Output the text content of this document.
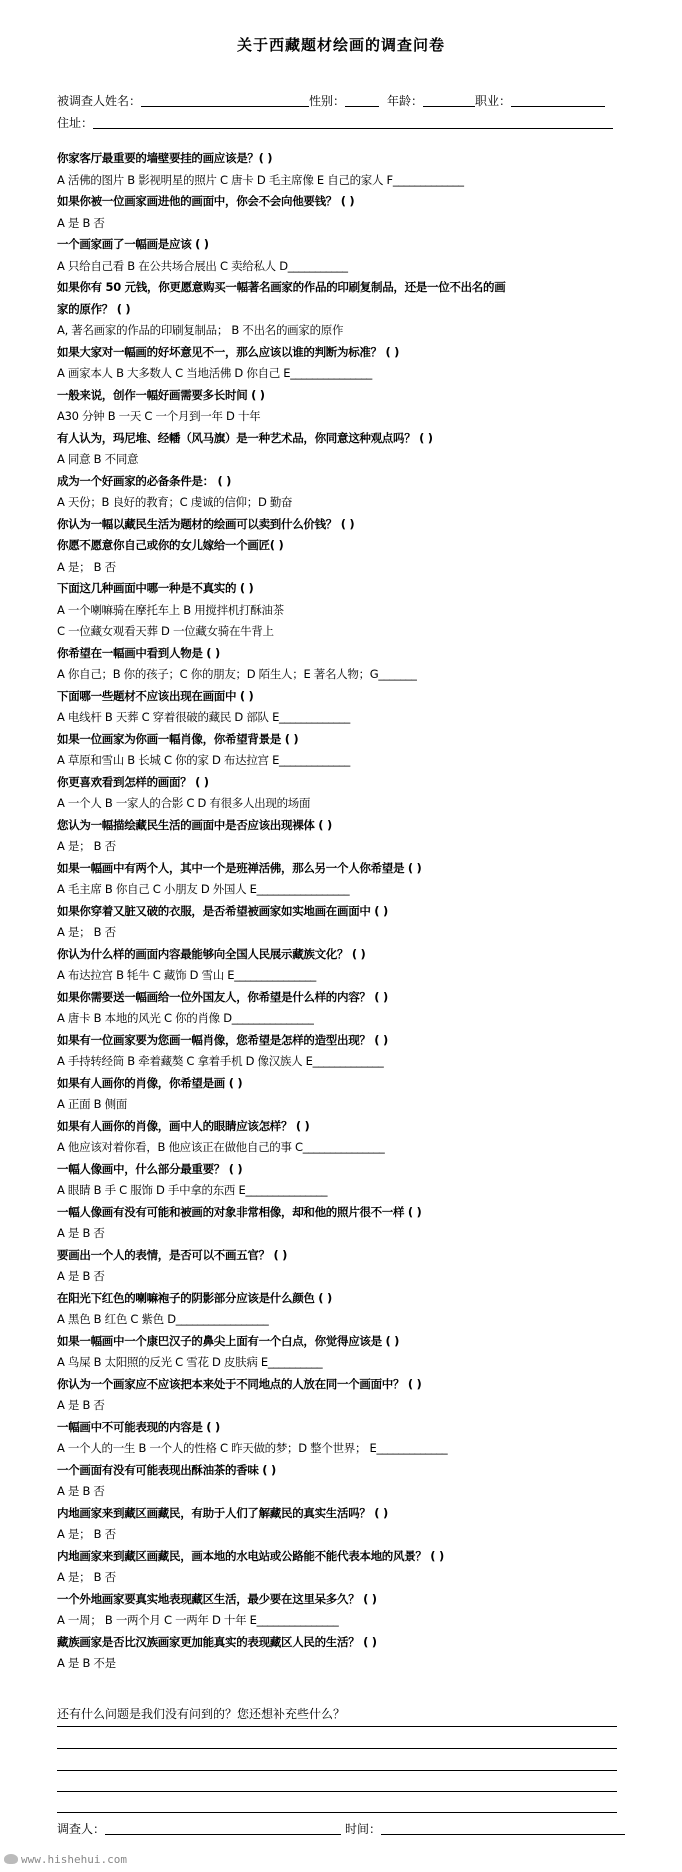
关于西藏题材绘画的调查问卷
被调查人姓名：	性别：	年龄：	职业：
住址：
你家客厅最重要的墙壁要挂的画应该是？( )
A 活佛的图片 B 影视明星的照片 C 唐卡 D 毛主席像 E 自己的家人 F_____________
如果你被一位画家画进他的画面中，你会不会向他要钱？ ( )
A 是 B 否
一个画家画了一幅画是应该 ( )
A 只给自己看 B 在公共场合展出 C 卖给私人 D___________
如果你有 50 元钱，你更愿意购买一幅著名画家的作品的印刷复制品，还是一位不出名的画
家的原作？ ( )
A, 著名画家的作品的印刷复制品； B 不出名的画家的原作
如果大家对一幅画的好坏意见不一，那么应该以谁的判断为标准？ ( )
A 画家本人 B 大多数人 C 当地活佛 D 你自己 E_______________
一般来说，创作一幅好画需要多长时间 ( )
A30 分钟 B 一天 C 一个月到一年 D 十年
有人认为，玛尼堆、经幡（风马旗）是一种艺术品，你同意这种观点吗？ ( )
A 同意 B 不同意
成为一个好画家的必备条件是： ( )
A 天份；B 良好的教育；C 虔诚的信仰；D 勤奋
你认为一幅以藏民生活为题材的绘画可以卖到什么价钱？ ( )
你愿不愿意你自己或你的女儿嫁给一个画匠( )
A 是； B 否
下面这几种画面中哪一种是不真实的 ( )
A 一个喇嘛骑在摩托车上 B 用搅拌机打酥油茶
C 一位藏女观看天葬 D 一位藏女骑在牛背上
你希望在一幅画中看到人物是 ( )
A 你自己；B 你的孩子；C 你的朋友；D 陌生人；E 著名人物；G_______
下面哪一些题材不应该出现在画面中 ( )
A 电线杆 B 天葬 C 穿着很破的藏民 D 部队 E_____________
如果一位画家为你画一幅肖像，你希望背景是 ( )
A 草原和雪山 B 长城 C 你的家 D 布达拉宫 E_____________
你更喜欢看到怎样的画面？ ( )
A 一个人 B 一家人的合影 C D 有很多人出现的场面
您认为一幅描绘藏民生活的画面中是否应该出现裸体 ( )
A 是； B 否
如果一幅画中有两个人，其中一个是班禅活佛，那么另一个人你希望是 ( )
A 毛主席 B 你自己 C 小朋友 D 外国人 E_________________
如果你穿着又脏又破的衣服，是否希望被画家如实地画在画面中 ( )
A 是； B 否
你认为什么样的画面内容最能够向全国人民展示藏族文化？ ( )
A 布达拉宫 B 牦牛 C 藏饰 D 雪山 E_______________
如果你需要送一幅画给一位外国友人，你希望是什么样的内容？ ( )
A 唐卡 B 本地的风光 C 你的肖像 D_______________
如果有一位画家要为您画一幅肖像，您希望是怎样的造型出现？ ( )
A 手持转经筒 B 牵着藏獒 C 拿着手机 D 像汉族人 E_____________
如果有人画你的肖像，你希望是画 ( )
A 正面 B 侧面
如果有人画你的肖像，画中人的眼睛应该怎样？ ( )
A 他应该对着你看，B 他应该正在做他自己的事 C_______________
一幅人像画中，什么部分最重要？ ( )
A 眼睛 B 手 C 服饰 D 手中拿的东西 E_______________
一幅人像画有没有可能和被画的对象非常相像，却和他的照片很不一样 ( )
A 是 B 否
要画出一个人的表情，是否可以不画五官？ ( )
A 是 B 否
在阳光下红色的喇嘛袍子的阴影部分应该是什么颜色 ( )
A 黑色 B 红色 C 紫色 D_________________
如果一幅画中一个康巴汉子的鼻尖上面有一个白点，你觉得应该是 ( )
A 鸟屎 B 太阳照的反光 C 雪花 D 皮肤病 E__________
你认为一个画家应不应该把本来处于不同地点的人放在同一个画面中？ ( )
A 是 B 否
一幅画中不可能表现的内容是 ( )
A 一个人的一生 B 一个人的性格 C 昨天做的梦；D 整个世界； E_____________
一个画面有没有可能表现出酥油茶的香味 ( )
A 是 B 否
内地画家来到藏区画藏民，有助于人们了解藏民的真实生活吗？ ( )
A 是； B 否
内地画家来到藏区画藏民，画本地的水电站或公路能不能代表本地的风景？ ( )
A 是； B 否
一个外地画家要真实地表现藏区生活，最少要在这里呆多久？ ( )
A 一周； B 一两个月 C 一两年 D 十年 E_______________
藏族画家是否比汉族画家更加能真实的表现藏区人民的生活？ ( )
A 是 B 不是
还有什么问题是我们没有问到的？您还想补充些什么？
调查人：	时间：
www.hishehui.com
